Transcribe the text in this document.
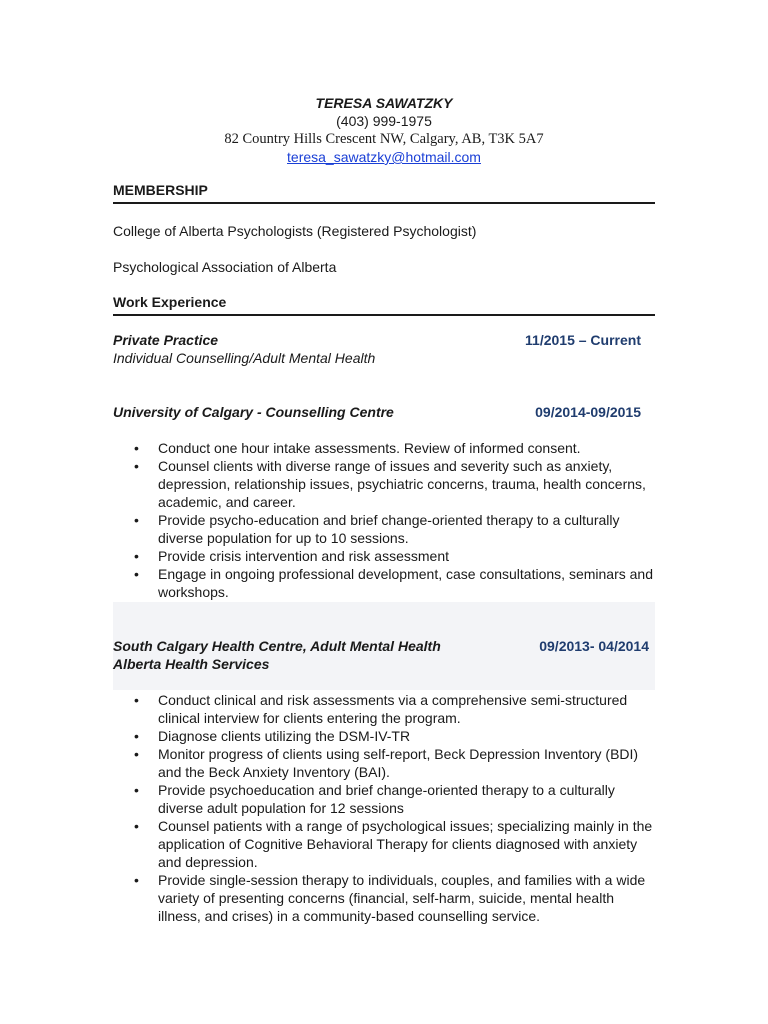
TERESA SAWATZKY
(403) 999-1975
82 Country Hills Crescent NW, Calgary, AB, T3K 5A7
teresa_sawatzky@hotmail.com
MEMBERSHIP
College of Alberta Psychologists (Registered Psychologist)
Psychological Association of Alberta
Work Experience
Private Practice
Individual Counselling/Adult Mental Health
11/2015 – Current
University of Calgary - Counselling Centre	09/2014-09/2015
• Conduct one hour intake assessments. Review of informed consent.
• Counsel clients with diverse range of issues and severity such as anxiety, depression, relationship issues, psychiatric concerns, trauma, health concerns, academic, and career.
• Provide psycho-education and brief change-oriented therapy to a culturally diverse population for up to 10 sessions.
• Provide crisis intervention and risk assessment
• Engage in ongoing professional development, case consultations, seminars and workshops.
South Calgary Health Centre, Adult Mental Health
Alberta Health Services
09/2013- 04/2014
• Conduct clinical and risk assessments via a comprehensive semi-structured clinical interview for clients entering the program.
• Diagnose clients utilizing the DSM-IV-TR
• Monitor progress of clients using self-report, Beck Depression Inventory (BDI) and the Beck Anxiety Inventory (BAI).
• Provide psychoeducation and brief change-oriented therapy to a culturally diverse adult population for 12 sessions
• Counsel patients with a range of psychological issues; specializing mainly in the application of Cognitive Behavioral Therapy for clients diagnosed with anxiety and depression.
• Provide single-session therapy to individuals, couples, and families with a wide variety of presenting concerns (financial, self-harm, suicide, mental health illness, and crises) in a community-based counselling service.
